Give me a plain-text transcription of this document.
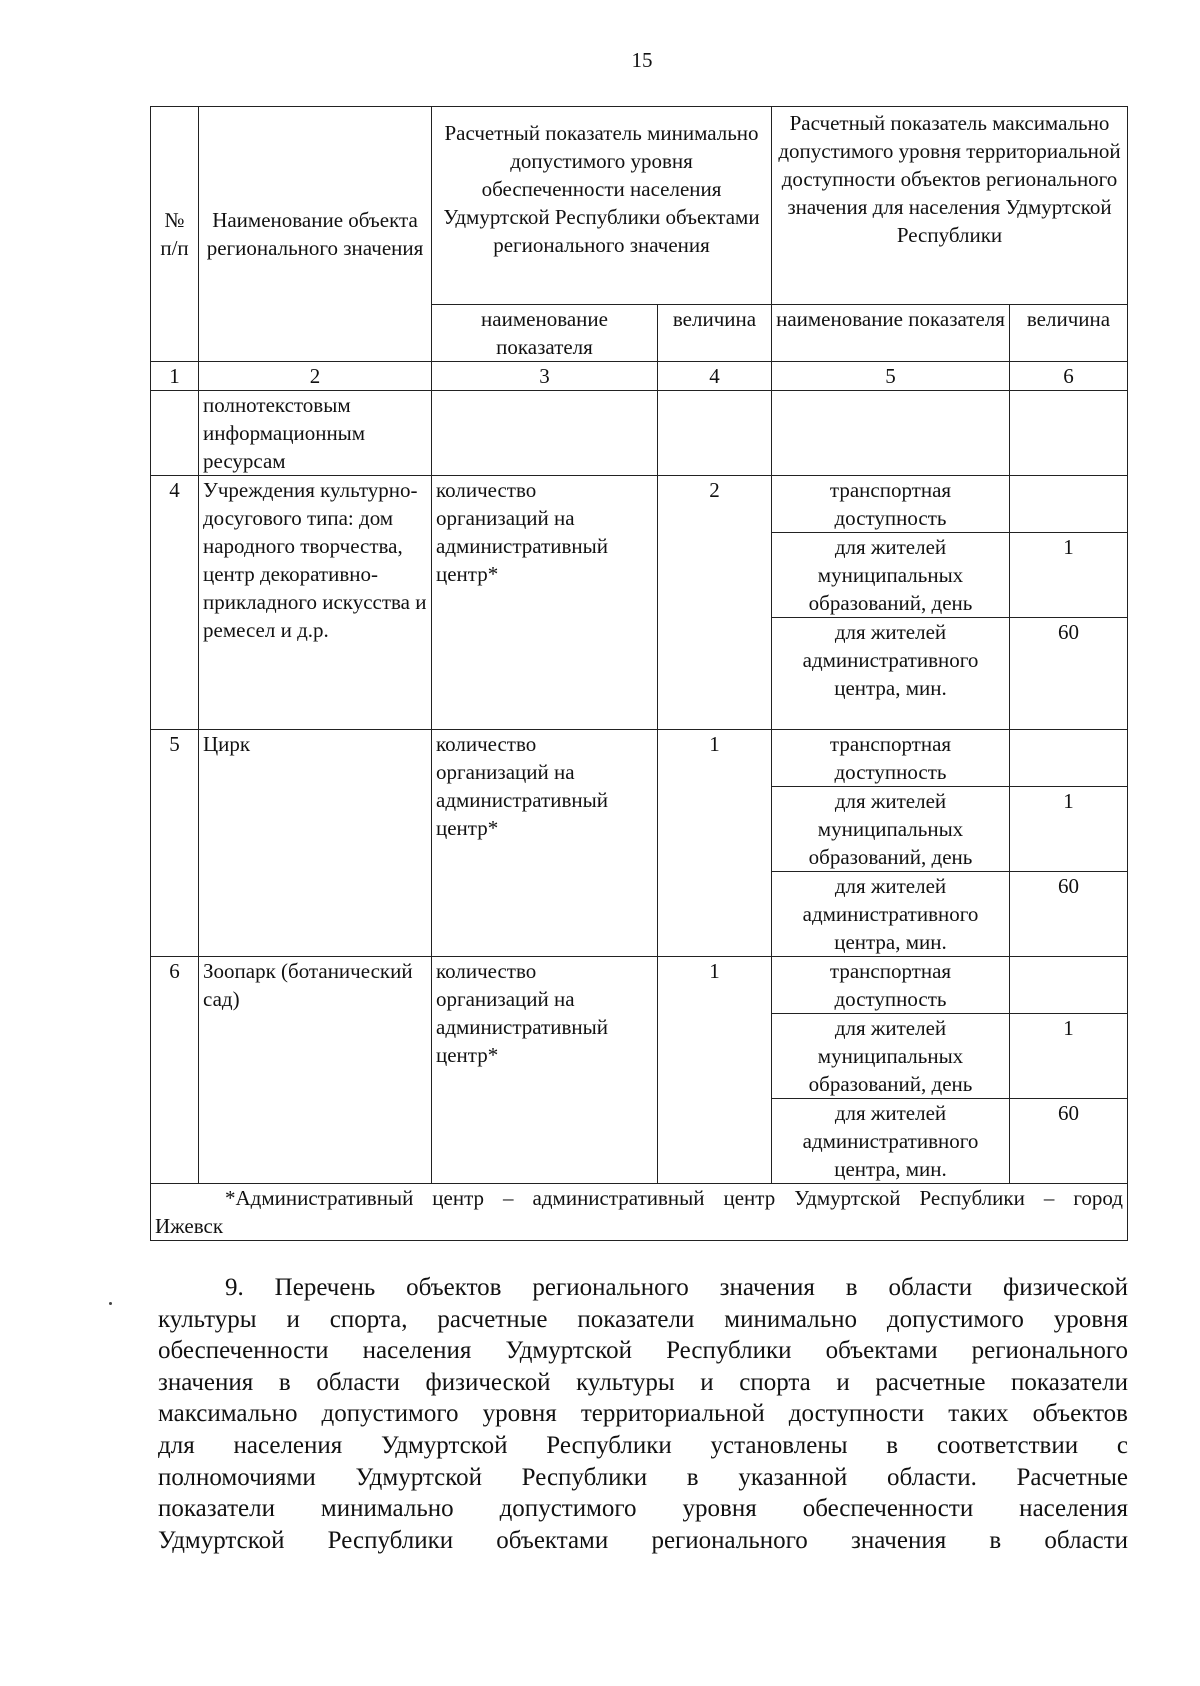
15
№ п/п	Наименование объекта регионального значения	Расчетный показатель минимально допустимого уровня обеспеченности населения Удмуртской Республики объектами регионального значения		Расчетный показатель максимально допустимого уровня территориальной доступности объектов регионального значения для населения Удмуртской Республики	
		наименование показателя	величина	наименование показателя	величина
1	2	3	4	5	6
	полнотекстовым информационным ресурсам				
4	Учреждения культурно-досугового типа: дом народного творчества, центр декоративно-прикладного искусства и ремесел и д.р.	количество организаций на административный центр*	2	транспортная доступность	
				для жителей муниципальных образований, день	1
				для жителей административного центра, мин.	60
5	Цирк	количество организаций на административный центр*	1	транспортная доступность	
				для жителей муниципальных образований, день	1
				для жителей административного центра, мин.	60
6	Зоопарк (ботанический сад)	количество организаций на административный центр*	1	транспортная доступность	
				для жителей муниципальных образований, день	1
				для жителей административного центра, мин.	60

*Административный центр – административный центр Удмуртской Республики – город
Ижевск					
9. Перечень объектов регионального значения в области физической
культуры и спорта, расчетные показатели минимально допустимого уровня
обеспеченности населения Удмуртской Республики объектами регионального
значения в области физической культуры и спорта и расчетные показатели
максимально допустимого уровня территориальной доступности таких объектов
для населения Удмуртской Республики установлены в соответствии с
полномочиями Удмуртской Республики в указанной области. Расчетные
показатели минимально допустимого уровня обеспеченности населения
Удмуртской Республики объектами регионального значения в области
